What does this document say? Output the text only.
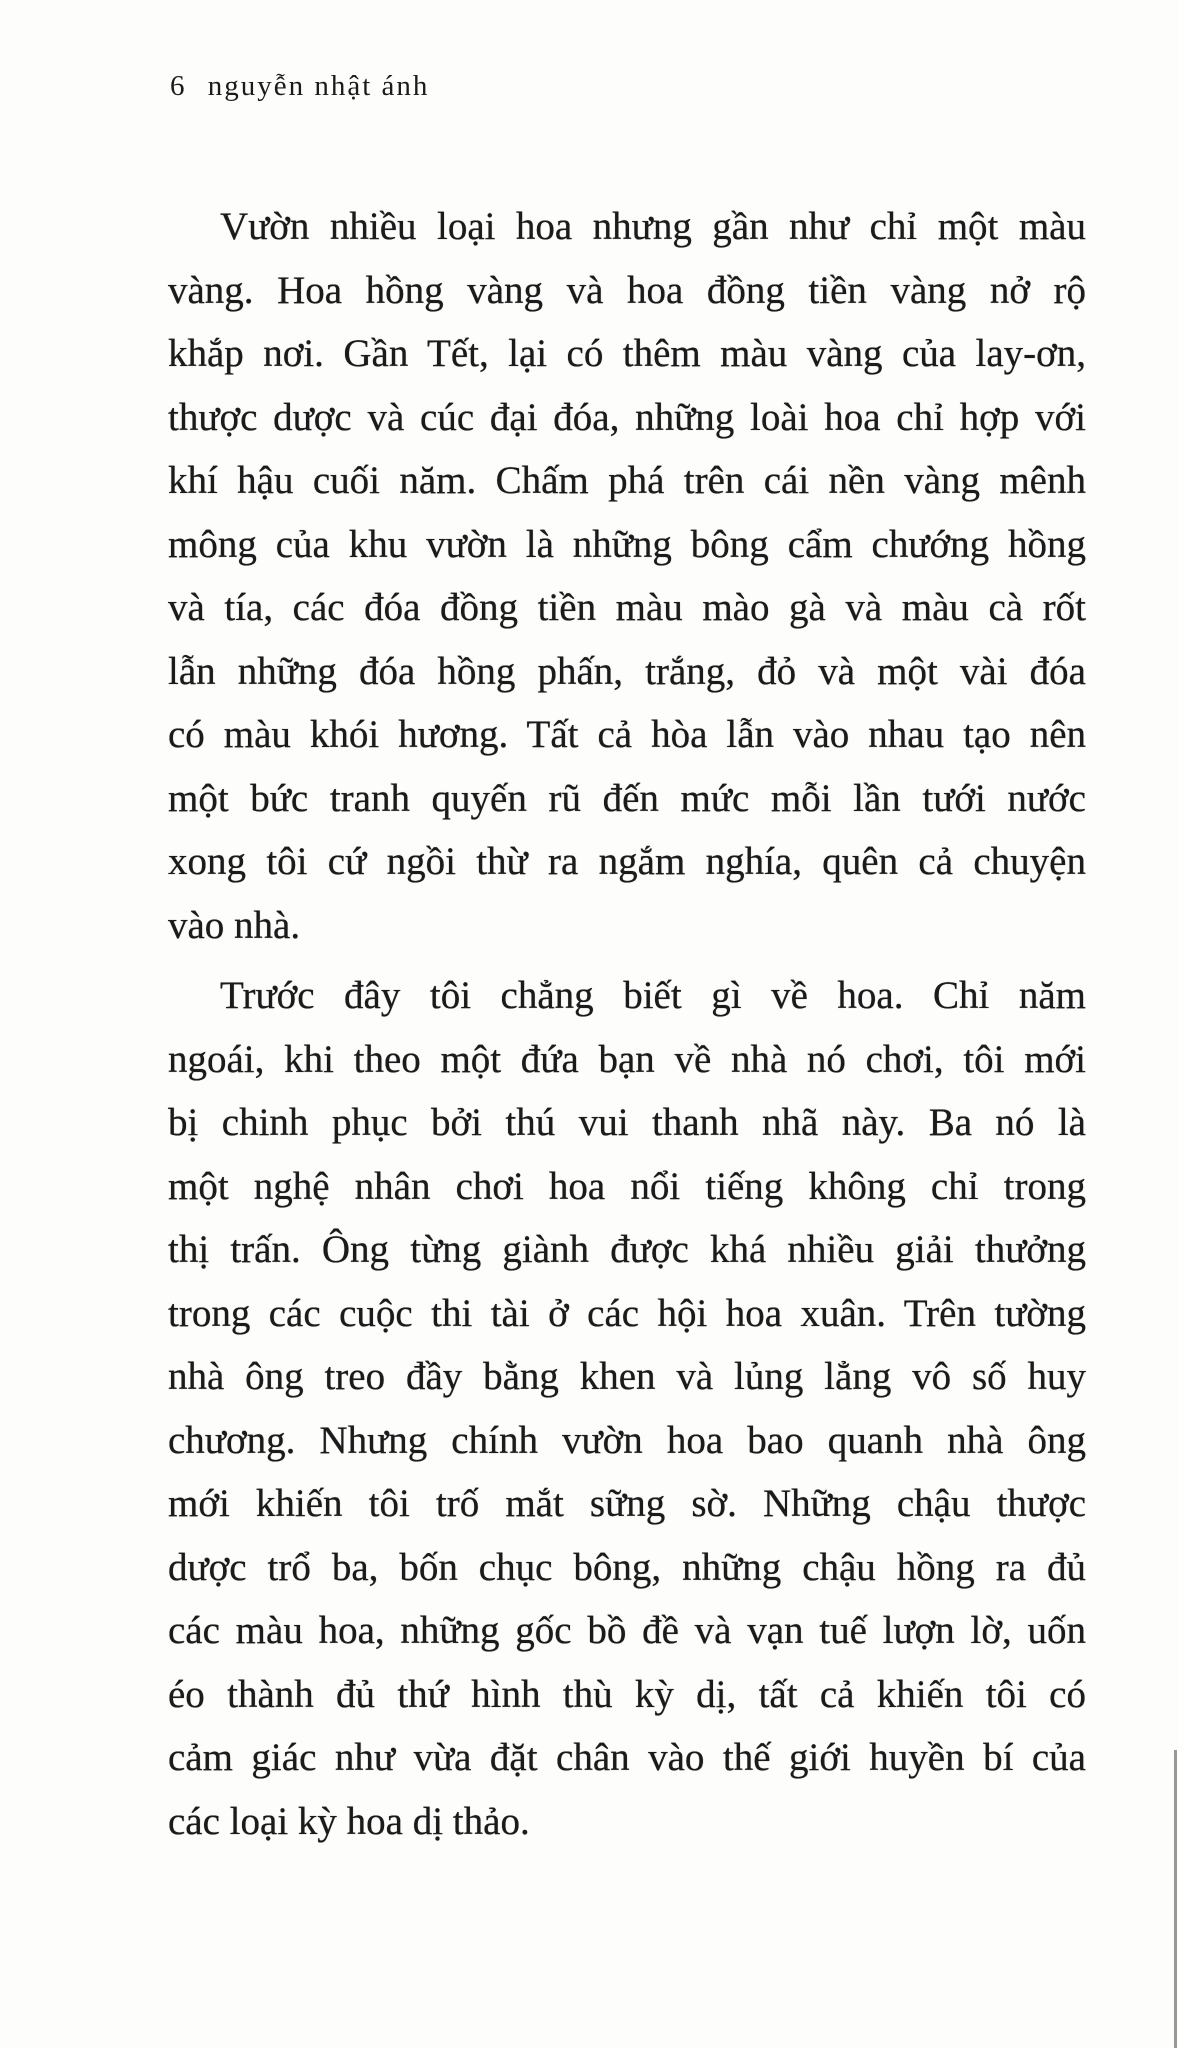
6 nguyễn nhật ánh
Vườn nhiều loại hoa nhưng gần như chỉ một màu
vàng. Hoa hồng vàng và hoa đồng tiền vàng nở rộ
khắp nơi. Gần Tết, lại có thêm màu vàng của lay-ơn,
thược dược và cúc đại đóa, những loài hoa chỉ hợp với
khí hậu cuối năm. Chấm phá trên cái nền vàng mênh
mông của khu vườn là những bông cẩm chướng hồng
và tía, các đóa đồng tiền màu mào gà và màu cà rốt
lẫn những đóa hồng phấn, trắng, đỏ và một vài đóa
có màu khói hương. Tất cả hòa lẫn vào nhau tạo nên
một bức tranh quyến rũ đến mức mỗi lần tưới nước
xong tôi cứ ngồi thừ ra ngắm nghía, quên cả chuyện
vào nhà.
Trước đây tôi chẳng biết gì về hoa. Chỉ năm
ngoái, khi theo một đứa bạn về nhà nó chơi, tôi mới
bị chinh phục bởi thú vui thanh nhã này. Ba nó là
một nghệ nhân chơi hoa nổi tiếng không chỉ trong
thị trấn. Ông từng giành được khá nhiều giải thưởng
trong các cuộc thi tài ở các hội hoa xuân. Trên tường
nhà ông treo đầy bằng khen và lủng lẳng vô số huy
chương. Nhưng chính vườn hoa bao quanh nhà ông
mới khiến tôi trố mắt sững sờ. Những chậu thược
dược trổ ba, bốn chục bông, những chậu hồng ra đủ
các màu hoa, những gốc bồ đề và vạn tuế lượn lờ, uốn
éo thành đủ thứ hình thù kỳ dị, tất cả khiến tôi có
cảm giác như vừa đặt chân vào thế giới huyền bí của
các loại kỳ hoa dị thảo.
